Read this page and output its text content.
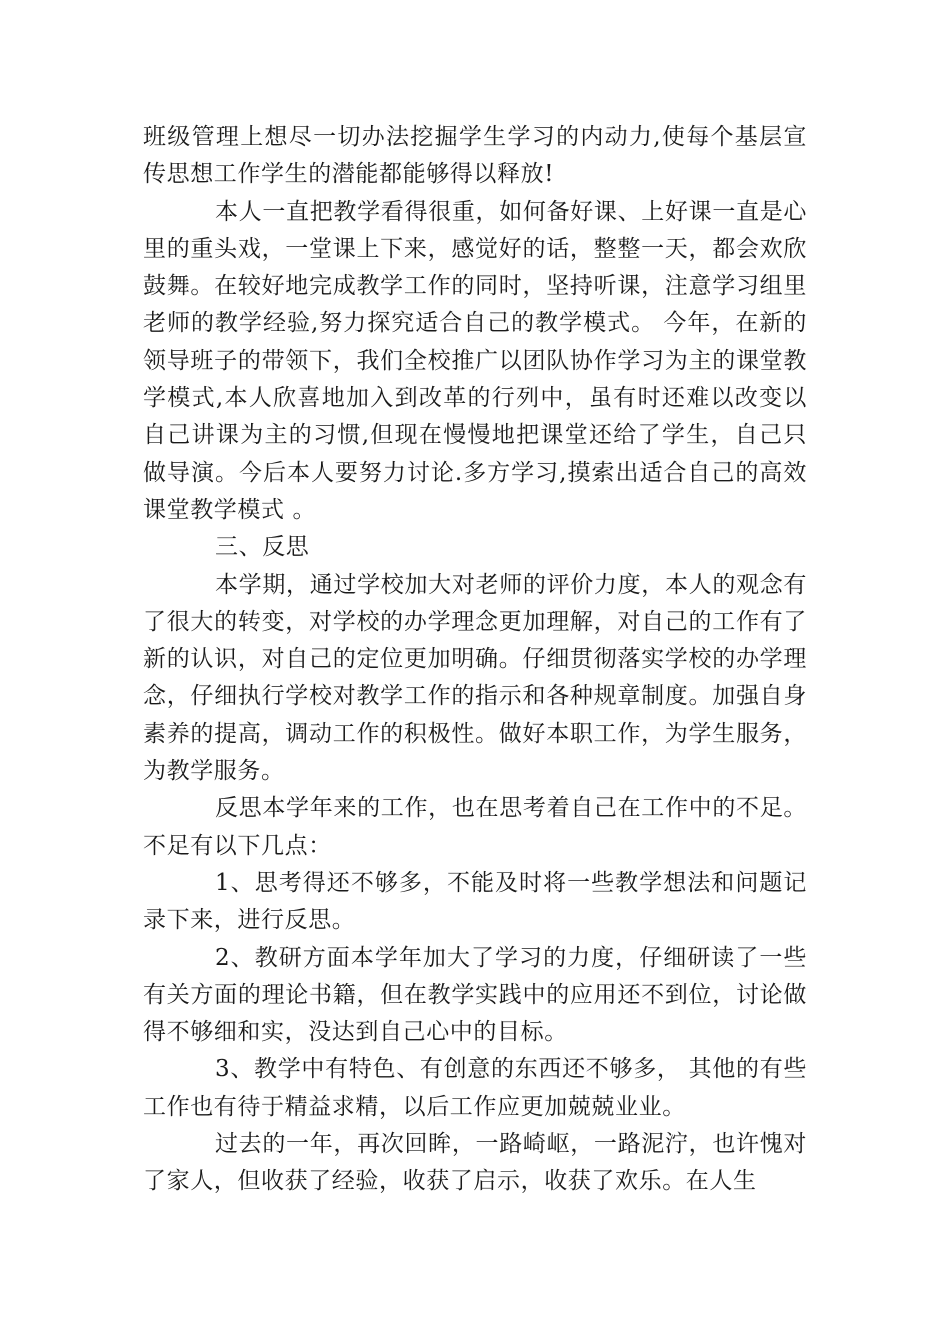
班级管理上想尽一切办法挖掘学生学习的内动力,使每个基层宣传思想工作学生的潜能都能够得以释放!

本人一直把教学看得很重，如何备好课、上好课一直是心里的重头戏，一堂课上下来，感觉好的话，整整一天，都会欢欣鼓舞。在较好地完成教学工作的同时，坚持听课，注意学习组里老师的教学经验,努力探究适合自己的教学模式。 今年，在新的领导班子的带领下，我们全校推广以团队协作学习为主的课堂教学模式,本人欣喜地加入到改革的行列中，虽有时还难以改变以自己讲课为主的习惯,但现在慢慢地把课堂还给了学生，自己只做导演。今后本人要努力讨论.多方学习,摸索出适合自己的高效课堂教学模式 。

三、反思

本学期，通过学校加大对老师的评价力度，本人的观念有了很大的转变，对学校的办学理念更加理解，对自己的工作有了新的认识，对自己的定位更加明确。仔细贯彻落实学校的办学理念，仔细执行学校对教学工作的指示和各种规章制度。加强自身素养的提高，调动工作的积极性。做好本职工作，为学生服务，为教学服务。

反思本学年来的工作，也在思考着自己在工作中的不足。不足有以下几点：

1、思考得还不够多，不能及时将一些教学想法和问题记录下来，进行反思。

2、教研方面本学年加大了学习的力度，仔细研读了一些有关方面的理论书籍，但在教学实践中的应用还不到位，讨论做得不够细和实，没达到自己心中的目标。

3、教学中有特色、有创意的东西还不够多， 其他的有些工作也有待于精益求精，以后工作应更加兢兢业业。

过去的一年，再次回眸，一路崎岖，一路泥泞，也许愧对了家人，但收获了经验，收获了启示，收获了欢乐。在人生
